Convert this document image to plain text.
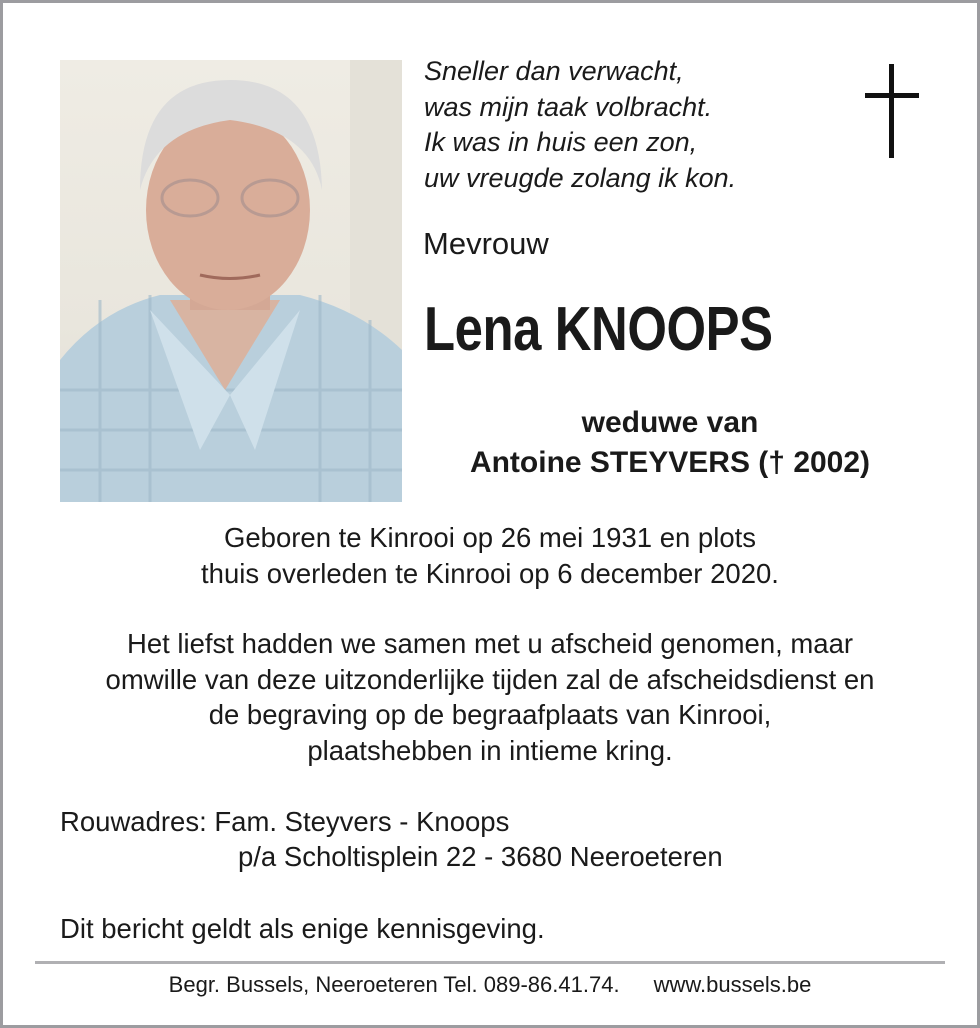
Sneller dan verwacht,
was mijn taak volbracht.
Ik was in huis een zon,
uw vreugde zolang ik kon.
Mevrouw
Lena KNOOPS
weduwe van
Antoine STEYVERS († 2002)
Geboren te Kinrooi op 26 mei 1931 en plots
thuis overleden te Kinrooi op 6 december 2020.
Het liefst hadden we samen met u afscheid genomen, maar
omwille van deze uitzonderlijke tijden zal de afscheidsdienst en
de begraving op de begraafplaats van Kinrooi,
plaatshebben in intieme kring.
Rouwadres: Fam. Steyvers - Knoops
p/a Scholtisplein 22 - 3680 Neeroeteren
Dit bericht geldt als enige kennisgeving.
Begr. Bussels, Neeroeteren Tel. 089-86.41.74. www.bussels.be
